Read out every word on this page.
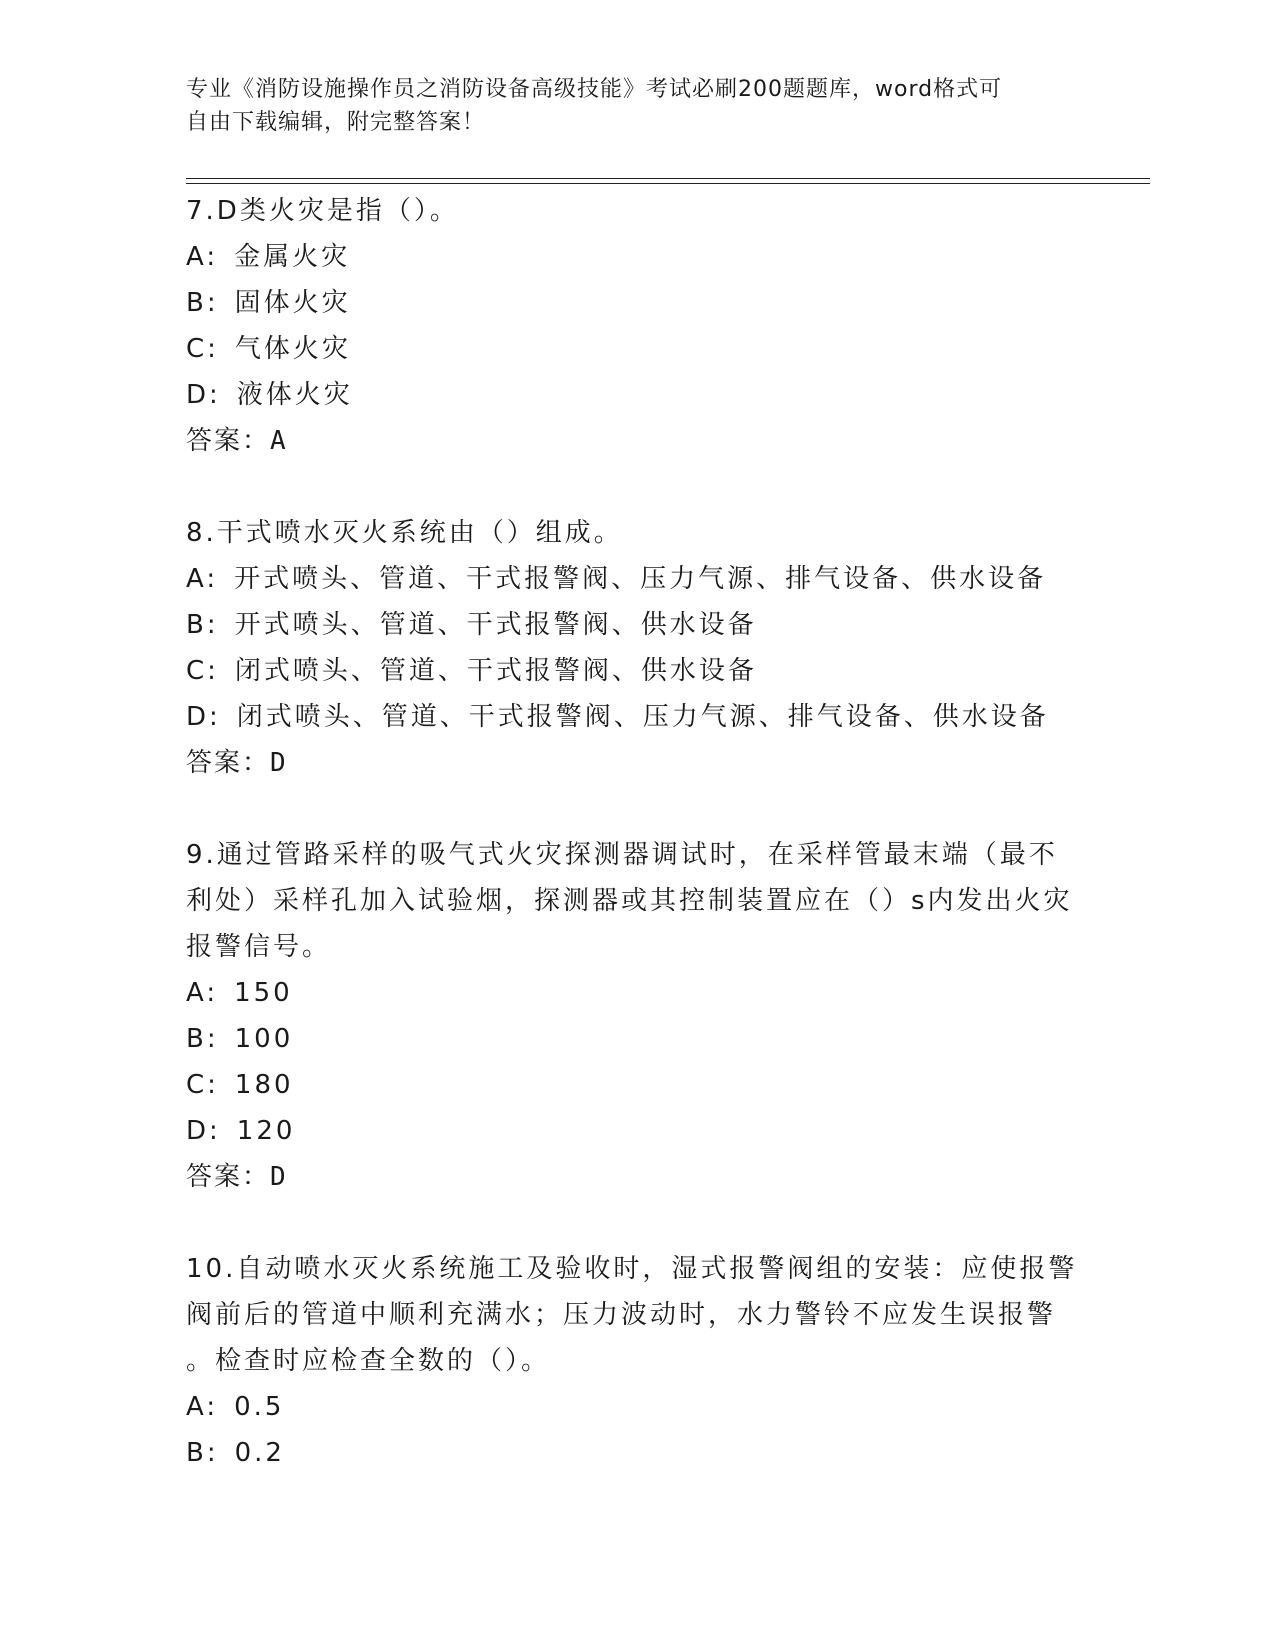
专业《消防设施操作员之消防设备高级技能》考试必刷200题题库，word格式可
自由下载编辑，附完整答案！
7.D类火灾是指（）。
A: 金属火灾
B: 固体火灾
C: 气体火灾
D: 液体火灾
答案：A
8.干式喷水灭火系统由（）组成。
A: 开式喷头、管道、干式报警阀、压力气源、排气设备、供水设备
B: 开式喷头、管道、干式报警阀、供水设备
C: 闭式喷头、管道、干式报警阀、供水设备
D: 闭式喷头、管道、干式报警阀、压力气源、排气设备、供水设备
答案：D
9.通过管路采样的吸气式火灾探测器调试时，在采样管最末端（最不
利处）采样孔加入试验烟，探测器或其控制装置应在（）s内发出火灾
报警信号。
A: 150
B: 100
C: 180
D: 120
答案：D
10.自动喷水灭火系统施工及验收时，湿式报警阀组的安装：应使报警
阀前后的管道中顺利充满水；压力波动时，水力警铃不应发生误报警
。检查时应检查全数的（）。
A: 0.5
B: 0.2
